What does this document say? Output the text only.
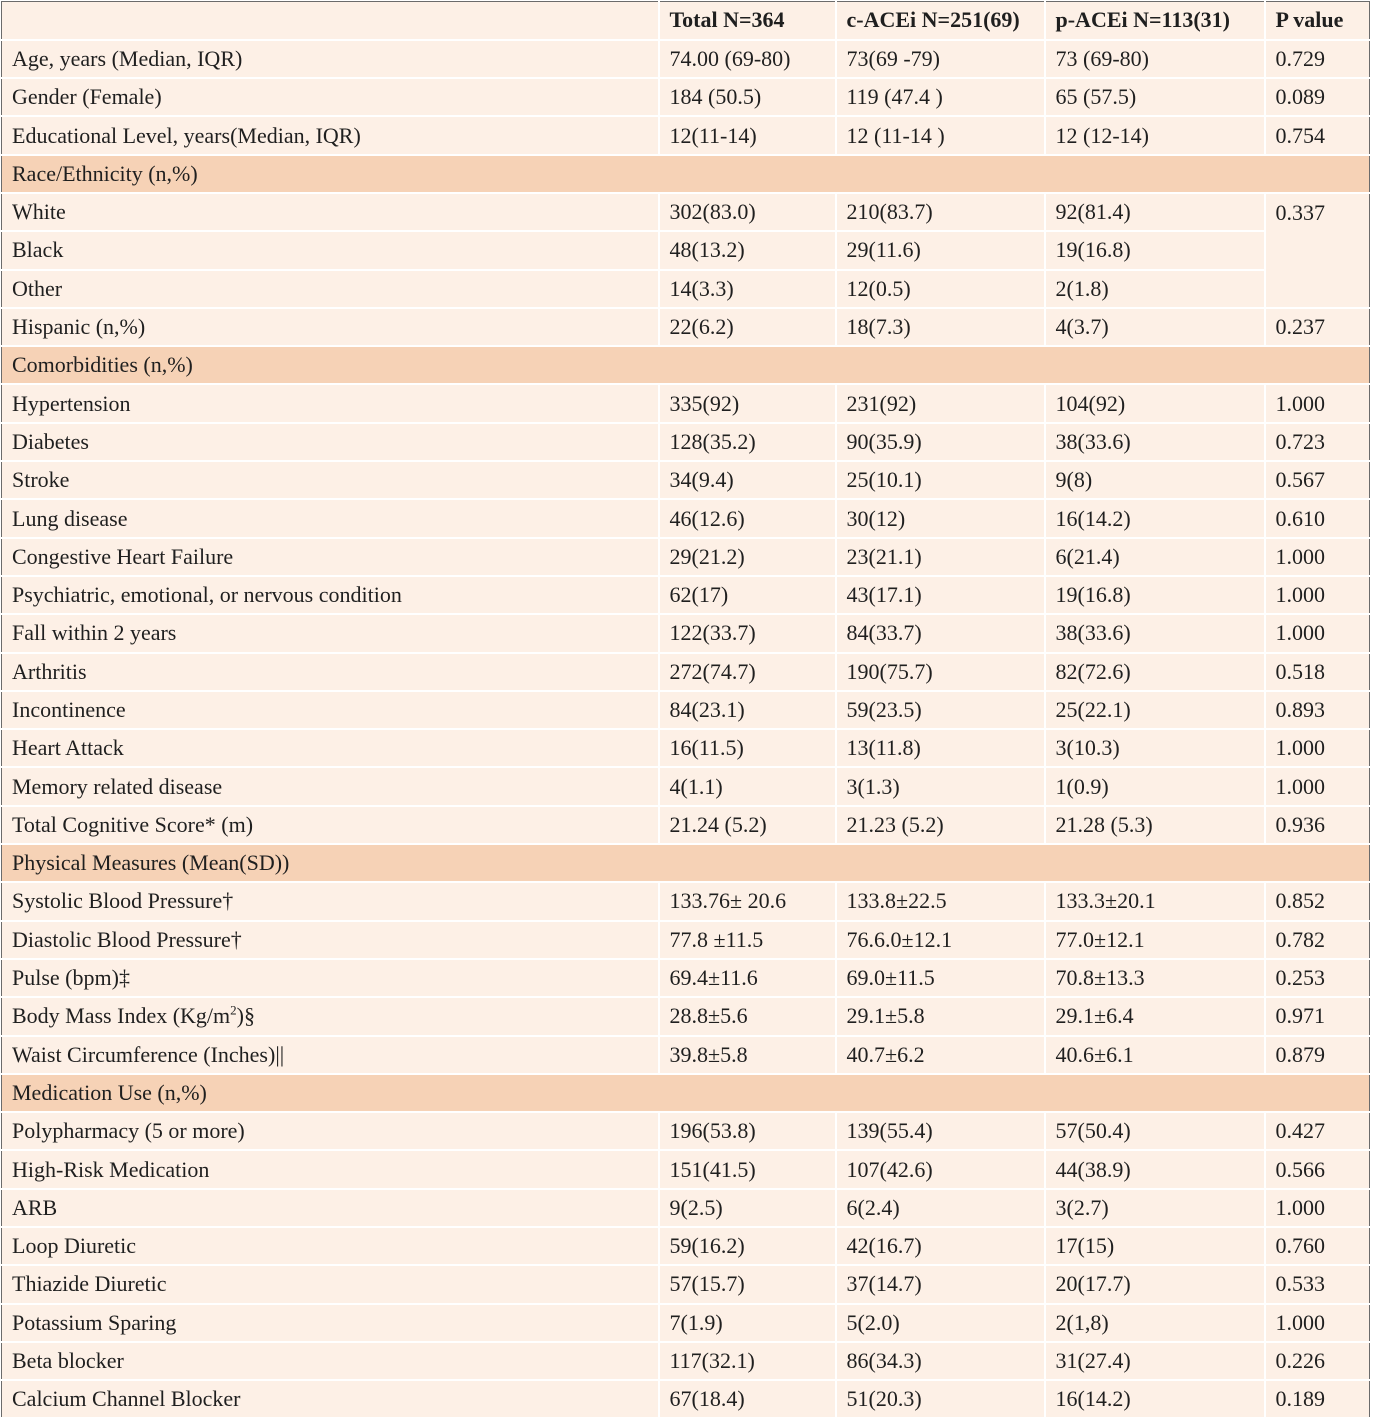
	Total N=364	c-ACEi N=251(69)	p-ACEi N=113(31)	P value
Age, years (Median, IQR)	74.00 (69-80)	73(69 -79)	73 (69-80)	0.729
Gender (Female)	184 (50.5)	119 (47.4 )	65 (57.5)	0.089
Educational Level, years(Median, IQR)	12(11-14)	12 (11-14 )	12 (12-14)	0.754
Race/Ethnicity (n,%)				
White	302(83.0)	210(83.7)	92(81.4)	0.337
Black	48(13.2)	29(11.6)	19(16.8)	
Other	14(3.3)	12(0.5)	2(1.8)	
Hispanic (n,%)	22(6.2)	18(7.3)	4(3.7)	0.237
Comorbidities (n,%)				
Hypertension	335(92)	231(92)	104(92)	1.000
Diabetes	128(35.2)	90(35.9)	38(33.6)	0.723
Stroke	34(9.4)	25(10.1)	9(8)	0.567
Lung disease	46(12.6)	30(12)	16(14.2)	0.610
Congestive Heart Failure	29(21.2)	23(21.1)	6(21.4)	1.000
Psychiatric, emotional, or nervous condition	62(17)	43(17.1)	19(16.8)	1.000
Fall within 2 years	122(33.7)	84(33.7)	38(33.6)	1.000
Arthritis	272(74.7)	190(75.7)	82(72.6)	0.518
Incontinence	84(23.1)	59(23.5)	25(22.1)	0.893
Heart Attack	16(11.5)	13(11.8)	3(10.3)	1.000
Memory related disease	4(1.1)	3(1.3)	1(0.9)	1.000
Total Cognitive Score* (m)	21.24 (5.2)	21.23 (5.2)	21.28 (5.3)	0.936
Physical Measures (Mean(SD))				
Systolic Blood Pressure†	133.76± 20.6	133.8±22.5	133.3±20.1	0.852
Diastolic Blood Pressure†	77.8 ±11.5	76.6.0±12.1	77.0±12.1	0.782
Pulse (bpm)‡	69.4±11.6	69.0±11.5	70.8±13.3	0.253
Body Mass Index $(Kg/m^2)\S$	28.8±5.6	29.1±5.8	29.1±6.4	0.971
Waist Circumference (Inches)||	39.8±5.8	40.7±6.2	40.6±6.1	0.879
Medication Use (n,%)				
Polypharmacy (5 or more)	196(53.8)	139(55.4)	57(50.4)	0.427
High-Risk Medication	151(41.5)	107(42.6)	44(38.9)	0.566
ARB	9(2.5)	6(2.4)	3(2.7)	1.000
Loop Diuretic	59(16.2)	42(16.7)	17(15)	0.760
Thiazide Diuretic	57(15.7)	37(14.7)	20(17.7)	0.533
Potassium Sparing	7(1.9)	5(2.0)	2(1,8)	1.000
Beta blocker	117(32.1)	86(34.3)	31(27.4)	0.226
Calcium Channel Blocker	67(18.4)	51(20.3)	16(14.2)	0.189
